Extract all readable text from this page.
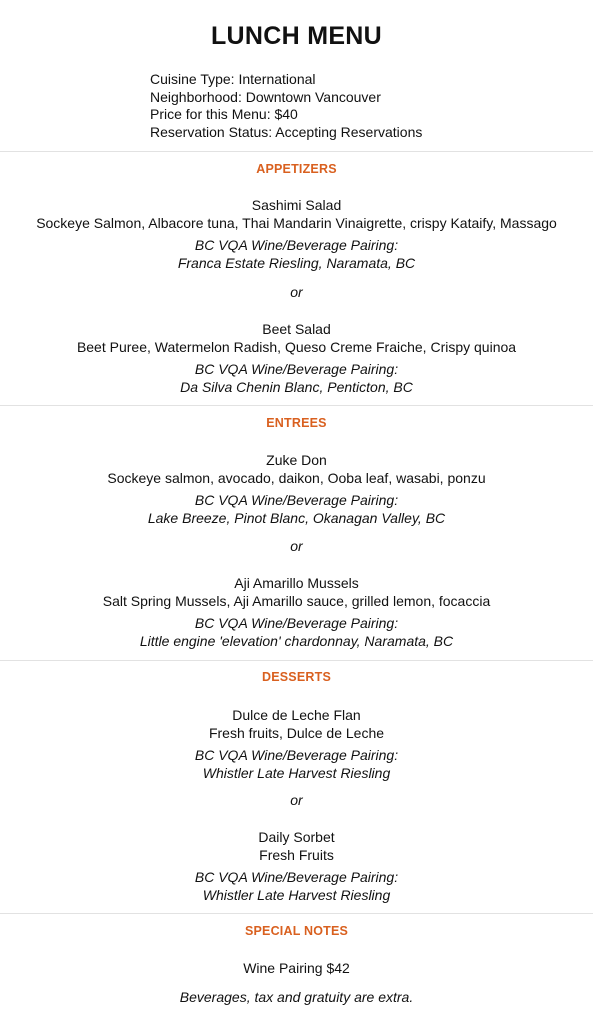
LUNCH MENU
Cuisine Type: International
Neighborhood: Downtown Vancouver
Price for this Menu: $40
Reservation Status: Accepting Reservations
APPETIZERS
Sashimi Salad
Sockeye Salmon, Albacore tuna, Thai Mandarin Vinaigrette, crispy Kataify, Massago
BC VQA Wine/Beverage Pairing:
Franca Estate Riesling, Naramata, BC
or
Beet Salad
Beet Puree, Watermelon Radish, Queso Creme Fraiche, Crispy quinoa
BC VQA Wine/Beverage Pairing:
Da Silva Chenin Blanc, Penticton, BC
ENTREES
Zuke Don
Sockeye salmon, avocado, daikon, Ooba leaf, wasabi, ponzu
BC VQA Wine/Beverage Pairing:
Lake Breeze, Pinot Blanc, Okanagan Valley, BC
or
Aji Amarillo Mussels
Salt Spring Mussels, Aji Amarillo sauce, grilled lemon, focaccia
BC VQA Wine/Beverage Pairing:
Little engine 'elevation' chardonnay, Naramata, BC
DESSERTS
Dulce de Leche Flan
Fresh fruits, Dulce de Leche
BC VQA Wine/Beverage Pairing:
Whistler Late Harvest Riesling
or
Daily Sorbet
Fresh Fruits
BC VQA Wine/Beverage Pairing:
Whistler Late Harvest Riesling
SPECIAL NOTES
Wine Pairing $42
Beverages, tax and gratuity are extra.
